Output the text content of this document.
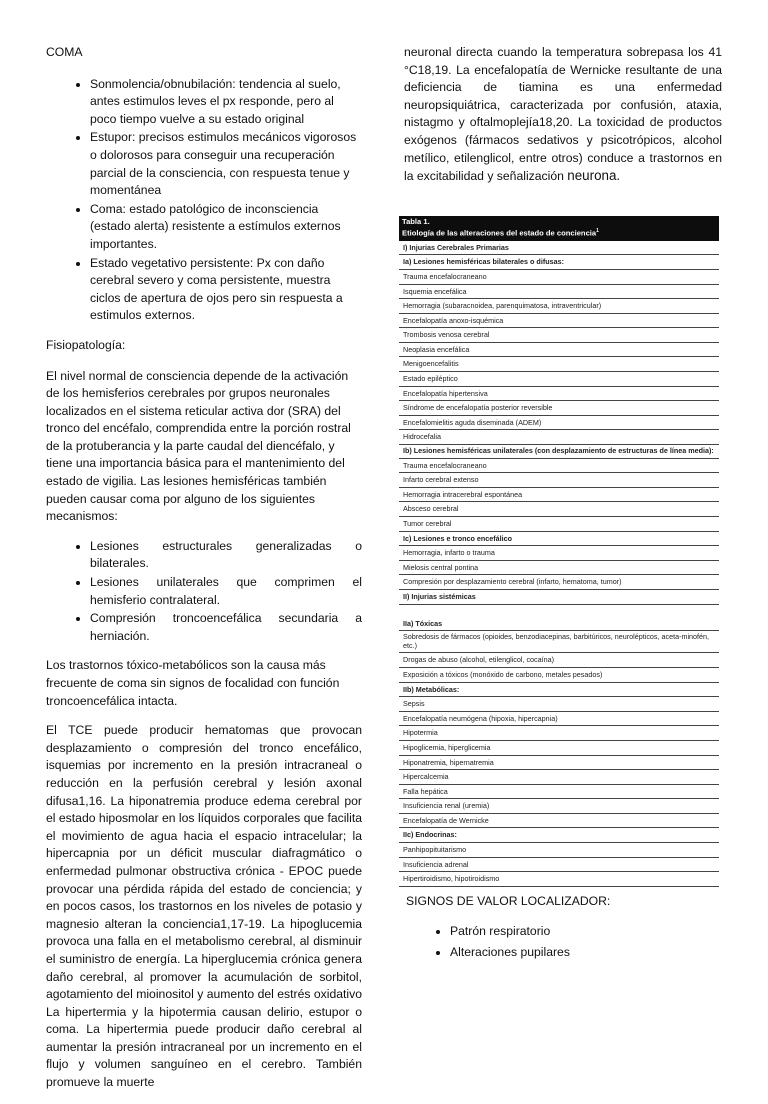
COMA

• Sonmolencia/obnubilación: tendencia al suelo, antes estimulos leves el px responde, pero al poco tiempo vuelve a su estado original
• Estupor: precisos estimulos mecánicos vigorosos o dolorosos para conseguir una recuperación parcial de la consciencia, con respuesta tenue y momentánea
• Coma: estado patológico de inconsciencia (estado alerta) resistente a estímulos externos importantes.
• Estado vegetativo persistente: Px con daño cerebral severo y coma persistente, muestra ciclos de apertura de ojos pero sin respuesta a estimulos externos.

Fisiopatología:

El nivel normal de consciencia depende de la activación de los hemisferios cerebrales por grupos neuronales localizados en el sistema reticular activa dor (SRA) del tronco del encéfalo, comprendida entre la porción rostral de la protuberancia y la parte caudal del diencéfalo, y tiene una importancia básica para el mantenimiento del estado de vigilia. Las lesiones hemisféricas también pueden causar coma por alguno de los siguientes mecanismos:

• Lesiones estructurales generalizadas o bilaterales.
• Lesiones unilaterales que comprimen el hemisferio contralateral.
• Compresión troncoencefálica secundaria a herniación.

Los trastornos tóxico-metabólicos son la causa más frecuente de coma sin signos de focalidad con función troncoencefálica intacta.

El TCE puede producir hematomas que provocan desplazamiento o compresión del tronco encefálico, isquemias por incremento en la presión intracraneal o reducción en la perfusión cerebral y lesión axonal difusa1,16. La hiponatremia produce edema cerebral por el estado hiposmolar en los líquidos corporales que facilita el movimiento de agua hacia el espacio intracelular; la hipercapnia por un déficit muscular diafragmático o enfermedad pulmonar obstructiva crónica - EPOC puede provocar una pérdida rápida del estado de conciencia; y en pocos casos, los trastornos en los niveles de potasio y magnesio alteran la conciencia1,17-19. La hipoglucemia provoca una falla en el metabolismo cerebral, al disminuir el suministro de energía. La hiperglucemia crónica genera daño cerebral, al promover la acumulación de sorbitol, agotamiento del mioinositol y aumento del estrés oxidativo La hipertermia y la hipotermia causan delirio, estupor o coma. La hipertermia puede producir daño cerebral al aumentar la presión intracraneal por un incremento en el flujo y volumen sanguíneo en el cerebro. También promueve la muerte

neuronal directa cuando la temperatura sobrepasa los 41 °C18,19. La encefalopatía de Wernicke resultante de una deficiencia de tiamina es una enfermedad neuropsiquiátrica, caracterizada por confusión, ataxia, nistagmo y oftalmoplejía18,20. La toxicidad de productos exógenos (fármacos sedativos y psicotrópicos, alcohol metílico, etilenglicol, entre otros) conduce a trastornos en la excitabilidad y señalización neurona.

Tabla 1.
Etiología de las alteraciones del estado de conciencia$^1$
I) Injurias Cerebrales Primarias
Ia) Lesiones hemisféricas bilaterales o difusas:
Trauma encefalocraneano
Isquemia encefálica
Hemorragia (subaracnoidea, parenquimatosa, intraventricular)
Encefalopatía anoxo-isquémica
Trombosis venosa cerebral
Neoplasia encefálica
Menigoencefalitis
Estado epiléptico
Encefalopatía hipertensiva
Síndrome de encefalopatía posterior reversible
Encefalomielitis aguda diseminada (ADEM)
Hidrocefalia
Ib) Lesiones hemisféricas unilaterales (con desplazamiento de estructuras de línea media):
Trauma encefalocraneano
Infarto cerebral extenso
Hemorragia intracerebral espontánea
Absceso cerebral
Tumor cerebral
Ic) Lesiones e tronco encefálico
Hemorragia, infarto o trauma
Mielosis central pontina
Compresión por desplazamiento cerebral (infarto, hematoma, tumor)
II) Injurias sistémicas
IIa) Tóxicas
Sobredosis de fármacos (opioides, benzodiacepinas, barbitúricos, neurolépticos, aceta-minofén, etc.)
Drogas de abuso (alcohol, etilenglicol, cocaína)
Exposición a tóxicos (monóxido de carbono, metales pesados)
IIb) Metabólicas:
Sepsis
Encefalopatía neumógena (hipoxia, hipercapnia)
Hipotermia
Hipoglicemia, hiperglicemia
Hiponatremia, hipernatremia
Hipercalcemia
Falla hepática
Insuficiencia renal (uremia)
Encefalopatía de Wernicke
IIc) Endocrinas:
Panhipopituitarismo
Insuficiencia adrenal
Hipertiroidismo, hipotiroidismo
SIGNOS DE VALOR LOCALIZADOR:
• Patrón respiratorio
• Alteraciones pupilares
